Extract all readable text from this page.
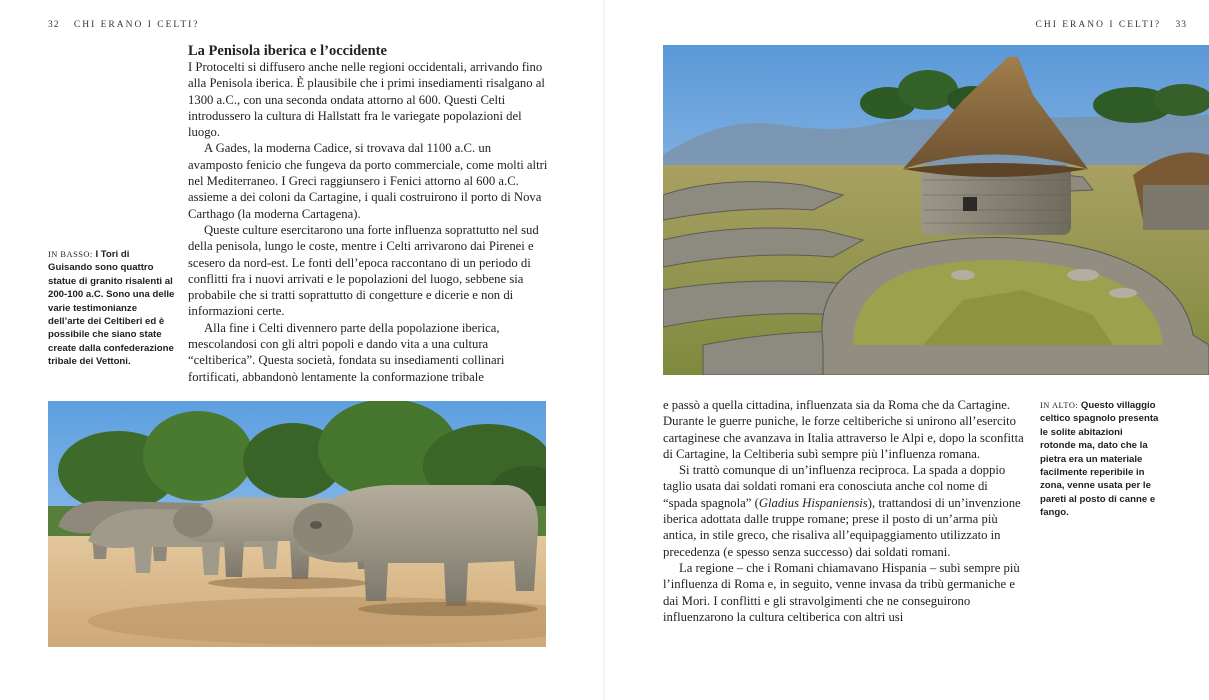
32 CHI ERANO I CELTI?
La Penisola iberica e l’occidente

I Protocelti si diffusero anche nelle regioni occidentali, arrivando fino alla Penisola iberica. È plausibile che i primi insediamenti risalgano al 1300 a.C., con una seconda ondata attorno al 600. Questi Celti introdussero la cultura di Hallstatt fra le variegate popolazioni del luogo.

A Gades, la moderna Cadice, si trovava dal 1100 a.C. un avamposto fenicio che fungeva da porto commerciale, come molti altri nel Mediterraneo. I Greci raggiunsero i Fenici attorno al 600 a.C. assieme a dei coloni da Cartagine, i quali costruirono il porto di Nova Carthago (la moderna Cartagena).

Queste culture esercitarono una forte influenza soprattutto nel sud della penisola, lungo le coste, mentre i Celti arrivarono dai Pirenei e scesero da nord-est. Le fonti dell’epoca raccontano di un periodo di conflitti fra i nuovi arrivati e le popolazioni del luogo, sebbene sia probabile che si tratti soprattutto di congetture e dicerie e non di informazioni certe.

Alla fine i Celti divennero parte della popolazione iberica, mescolandosi con gli altri popoli e dando vita a una cultura “celtiberica”. Questa società, fondata su insediamenti collinari fortificati, abbandonò lentamente la conformazione tribale

IN BASSO: I Tori di Guisando sono quattro statue di granito risalenti al 200-100 a.C. Sono una delle varie testimonianze dell’arte dei Celtiberi ed è possibile che siano state create dalla confederazione tribale dei Vettoni.
CHI ERANO I CELTI? 33

e passò a quella cittadina, influenzata sia da Roma che da Cartagine. Durante le guerre puniche, le forze celtiberiche si unirono all’esercito cartaginese che avanzava in Italia attraverso le Alpi e, dopo la sconfitta di Cartagine, la Celtiberia subì sempre più l’influenza romana.

Si trattò comunque di un’influenza reciproca. La spada a doppio taglio usata dai soldati romani era conosciuta anche col nome di “spada spagnola” (Gladius Hispaniensis), trattandosi di un’invenzione iberica adottata dalle truppe romane; prese il posto di un’arma più antica, in stile greco, che risaliva all’equipaggiamento utilizzato in precedenza (e spesso senza successo) dai soldati romani.

La regione – che i Romani chiamavano Hispania – subì sempre più l’influenza di Roma e, in seguito, venne invasa da tribù germaniche e dai Mori. I conflitti e gli stravolgimenti che ne conseguirono influenzarono la cultura celtiberica con altri usi

IN ALTO: Questo villaggio celtico spagnolo presenta le solite abitazioni rotonde ma, dato che la pietra era un materiale facilmente reperibile in zona, venne usata per le pareti al posto di canne e fango.
